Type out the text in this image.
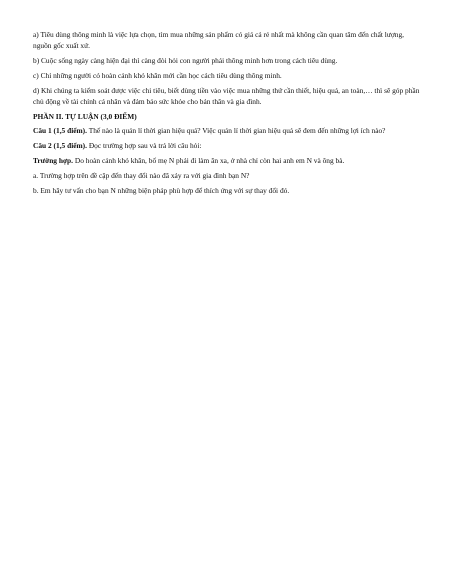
a) Tiêu dùng thông minh là việc lựa chọn, tìm mua những sản phẩm có giá cả rẻ nhất mà không cần quan tâm đến chất lượng, nguồn gốc xuất xứ.

b) Cuộc sống ngày càng hiện đại thì càng đòi hỏi con người phải thông minh hơn trong cách tiêu dùng.

c) Chỉ những người có hoàn cảnh khó khăn mới cần học cách tiêu dùng thông minh.

d) Khi chúng ta kiểm soát được việc chi tiêu, biết dùng tiền vào việc mua những thứ cần thiết, hiệu quả, an toàn,… thì sẽ góp phần chủ động về tài chính cá nhân và đảm bảo sức khỏe cho bản thân và gia đình.

PHẦN II. TỰ LUẬN (3,0 ĐIỂM)

Câu 1 (1,5 điểm). Thế nào là quản lí thời gian hiệu quả? Việc quản lí thời gian hiệu quả sẽ đem đến những lợi ích nào?

Câu 2 (1,5 điểm). Đọc trường hợp sau và trả lời câu hỏi:

Trường hợp. Do hoàn cảnh khó khăn, bố mẹ N phải đi làm ăn xa, ở nhà chỉ còn hai anh em N và ông bà.

a. Trường hợp trên đề cập đến thay đổi nào đã xảy ra với gia đình bạn N?

b. Em hãy tư vấn cho bạn N những biện pháp phù hợp để thích ứng với sự thay đổi đó.
